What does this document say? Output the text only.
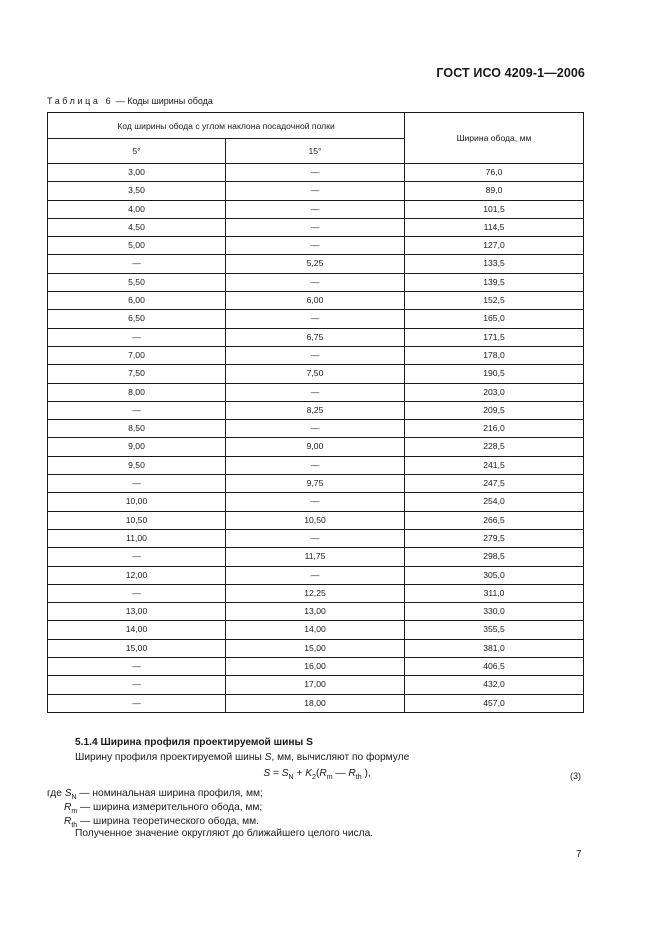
ГОСТ ИСО 4209-1—2006
Таблица 6 — Коды ширины обода
Код ширины обода с углом наклона посадочной полки		Ширина обода, мм
5°	15°	
3,00	—	76,0
3,50	—	89,0
4,00	—	101,5
4,50	—	114,5
5,00	—	127,0
—	5,25	133,5
5,50	—	139,5
6,00	6,00	152,5
6,50	—	165,0
—	6,75	171,5
7,00	—	178,0
7,50	7,50	190,5
8,00	—	203,0
—	8,25	209,5
8,50	—	216,0
9,00	9,00	228,5
9,50	—	241,5
—	9,75	247,5
10,00	—	254,0
10,50	10,50	266,5
11,00	—	279,5
—	11,75	298,5
12,00	—	305,0
—	12,25	311,0
13,00	13,00	330,0
14,00	14,00	355,5
15,00	15,00	381,0
—	16,00	406,5
—	17,00	432,0
—	18,00	457,0
5.1.4 Ширина профиля проектируемой шины S
Ширину профиля проектируемой шины S, мм, вычисляют по формуле
$S = S_N + K_2(R_m$ — $R_{th}$ ),	(3)
где $S_N$ — номинальная ширина профиля, мм;
$R_m$ — ширина измерительного обода, мм;
$R_{th}$ — ширина теоретического обода, мм.
Полученное значение округляют до ближайшего целого числа.
7
